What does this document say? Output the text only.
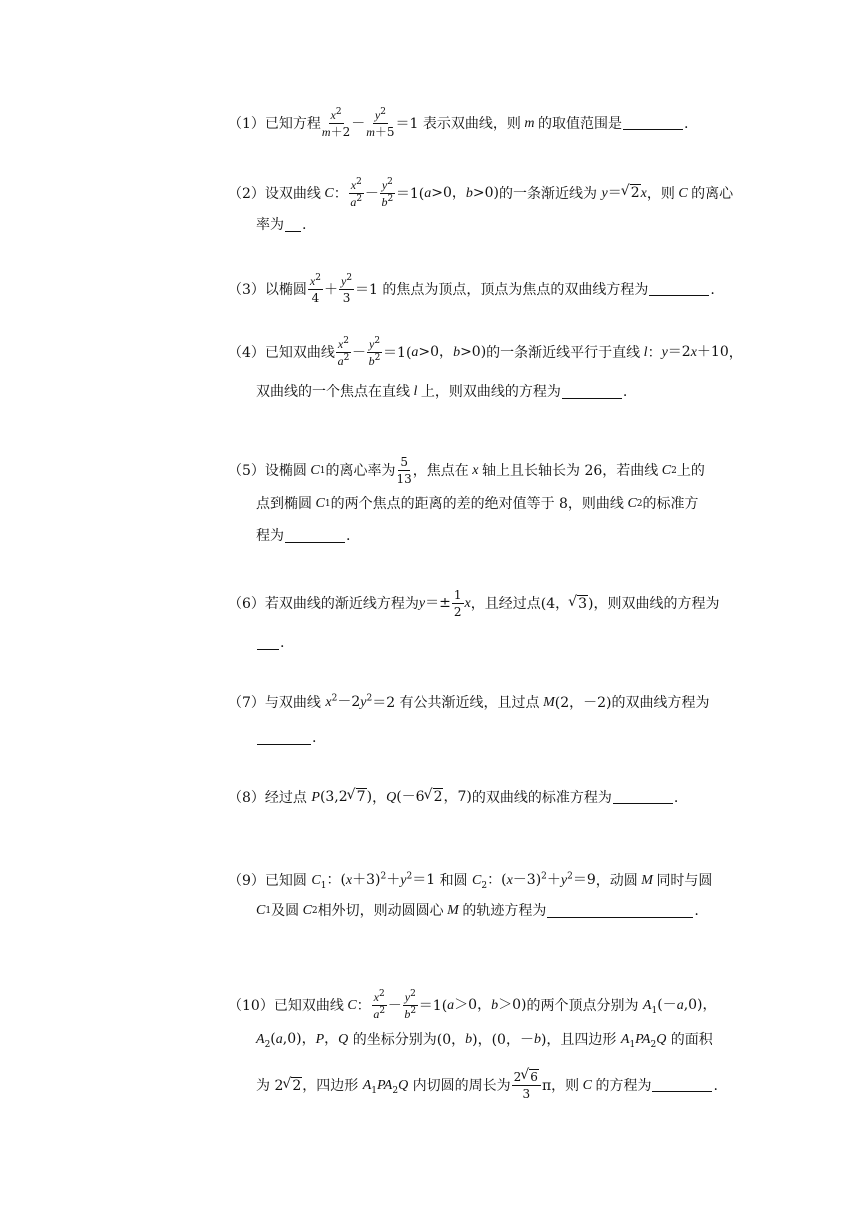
（1） 已知方程 $\frac{x^2}{m+2} - \frac{y^2}{m+5} =1$ 表示双曲线，则 m 的取值范围是	.
（2） 设双曲线 C ： $\frac{x^2}{a^2} - \frac{y^2}{b^2} =1$( a>0，b>0) 的一条渐近线为 y＝ √ 2x ，则 C 的离心
率为 .
（3） 以椭圆 $\frac{x^2}{4} + \frac{y^2}{3} =1$ 的焦点为顶点，顶点为焦点的双曲线方程为	.
（4） 已知双曲线 $\frac{x^2}{a^2} - \frac{y^2}{b^2} =1$( a>0，b>0) 的一条渐近线平行于直线 l ： y＝2x＋10 ，
双曲线的一个焦点在直线 l 上，则双曲线的方程为	.
（5） 设椭圆 C 1 的离心率为 $\frac{5}{13}$ ，焦点在 x 轴上且长轴长为 26，若曲线 C 2 上的
点到椭圆 C 1 的两个焦点的距离的差的绝对值等于 8，则曲线 C 2 的标准方
程为	.
（6） 若双曲线的渐近线方程为 $y=\pm \frac{1}{2}$ x ，且经过点(4， √ 3 )，则双曲线的方程为
.
（7） 与双曲线 $x^2-2y^2 =2$ 有公共渐近线，且过点 M (2，－2)的双曲线方程为
.
（8） 经过点 P(3,2 √ 7) ， Q(－6 √ 2，7) 的双曲线的标准方程为	.
（9） 已知圆 $C_1$：$(x+3)^2+y^2=1$ 和圆 $C_2$：$(x-3)^2+y^2=9$ ，动圆 M 同时与圆
C 1 及圆 C 2 相外切，则动圆圆心 M 的轨迹方程为	.
（10） 已知双曲线 C ： $\frac{x^2}{a^2} - \frac{y^2}{b^2} =1$( a＞0，b＞0) 的两个顶点分别为 $A_1(-a,0)$，
$A_2(a,0)$，P，Q 的坐标分别为(0， b )，(0，－ b )，且四边形 $A_1PA_2Q$ 的面积
为 2 √ 2 ，四边形 $A_1PA_2Q$ 内切圆的周长为 $\frac{2 √ 6}{3}$ π ，则 C 的方程为	.
